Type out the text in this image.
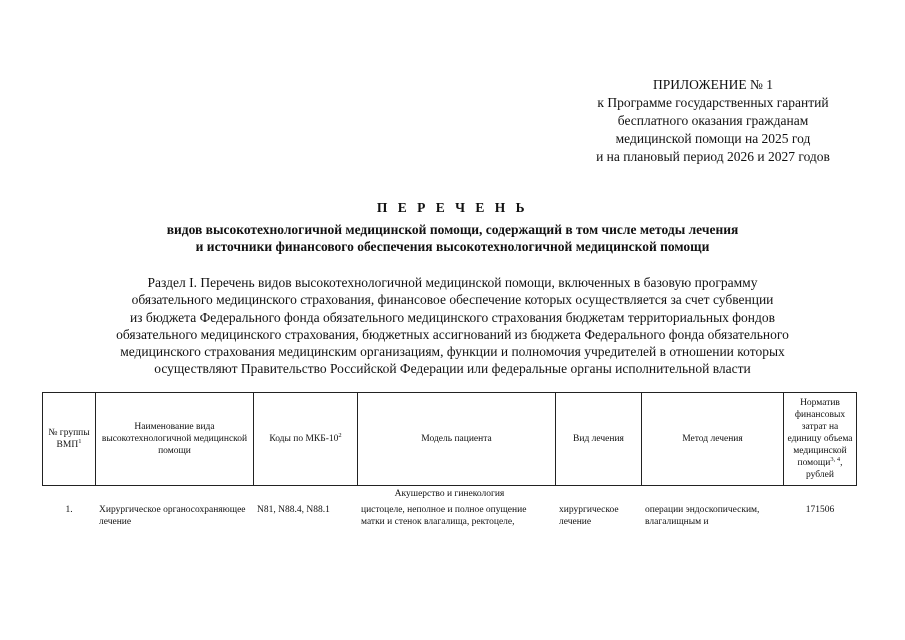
ПРИЛОЖЕНИЕ № 1
к Программе государственных гарантий
бесплатного оказания гражданам
медицинской помощи на 2025 год
и на плановый период 2026 и 2027 годов
П Е Р Е Ч Е Н Ь
видов высокотехнологичной медицинской помощи, содержащий в том числе методы лечения
и источники финансового обеспечения высокотехнологичной медицинской помощи
Раздел I. Перечень видов высокотехнологичной медицинской помощи, включенных в базовую программу
обязательного медицинского страхования, финансовое обеспечение которых осуществляется за счет субвенции
из бюджета Федерального фонда обязательного медицинского страхования бюджетам территориальных фондов
обязательного медицинского страхования, бюджетных ассигнований из бюджета Федерального фонда обязательного
медицинского страхования медицинским организациям, функции и полномочия учредителей в отношении которых
осуществляют Правительство Российской Федерации или федеральные органы исполнительной власти
№ группы ВМП$^1$	Наименование вида высокотехнологичной медицинской помощи	Коды по МКБ-$10^2$	Модель пациента	Вид лечения	Метод лечения	Норматив финансовых затрат на единицу объема медицинской помощи$^{3, 4}$, рублей
Акушерство и гинекология						
1.	Хирургическое органосохраняющее лечение	N81, N88.4, N88.1	цистоцеле, неполное и полное опущение матки и стенок влагалища, ректоцеле,	хирургическое лечение	операции эндоскопическим, влагалищным и	171506
